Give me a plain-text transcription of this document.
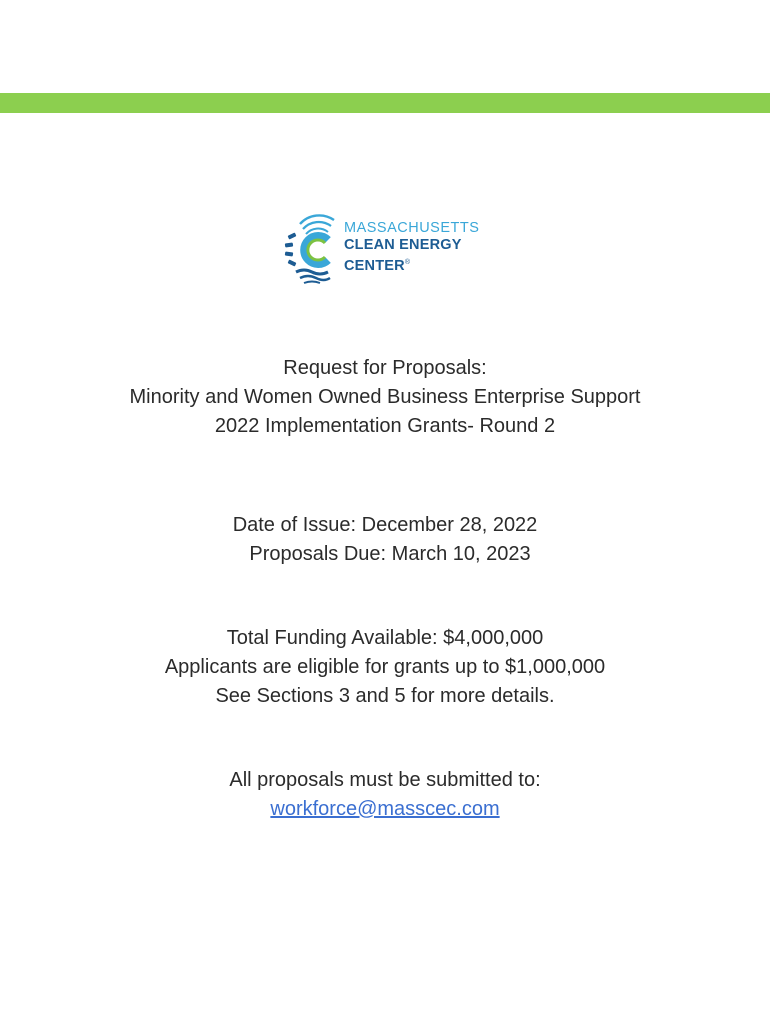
MASSACHUSETTS
CLEAN ENERGY
CENTER®
Request for Proposals:
Minority and Women Owned Business Enterprise Support
2022 Implementation Grants- Round 2
Date of Issue: December 28, 2022
Proposals Due: March 10, 2023
Total Funding Available: $4,000,000
Applicants are eligible for grants up to $1,000,000
See Sections 3 and 5 for more details.
All proposals must be submitted to:
workforce@masscec.com
